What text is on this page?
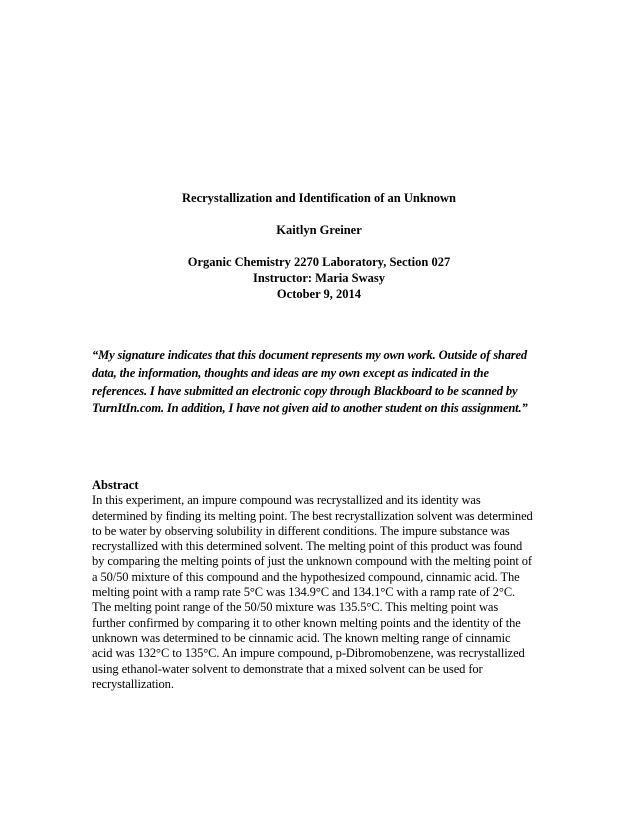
Recrystallization and Identification of an Unknown
Kaitlyn Greiner
Organic Chemistry 2270 Laboratory, Section 027
Instructor: Maria Swasy
October 9, 2014
“My signature indicates that this document represents my own work. Outside of shared
data, the information, thoughts and ideas are my own except as indicated in the
references. I have submitted an electronic copy through Blackboard to be scanned by
TurnItIn.com. In addition, I have not given aid to another student on this assignment.”
Abstract
In this experiment, an impure compound was recrystallized and its identity was
determined by finding its melting point. The best recrystallization solvent was determined
to be water by observing solubility in different conditions. The impure substance was
recrystallized with this determined solvent. The melting point of this product was found
by comparing the melting points of just the unknown compound with the melting point of
a 50/50 mixture of this compound and the hypothesized compound, cinnamic acid. The
melting point with a ramp rate 5°C was 134.9°C and 134.1°C with a ramp rate of 2°C.
The melting point range of the 50/50 mixture was 135.5°C. This melting point was
further confirmed by comparing it to other known melting points and the identity of the
unknown was determined to be cinnamic acid. The known melting range of cinnamic
acid was 132°C to 135°C. An impure compound, p-Dibromobenzene, was recrystallized
using ethanol-water solvent to demonstrate that a mixed solvent can be used for
recrystallization.
